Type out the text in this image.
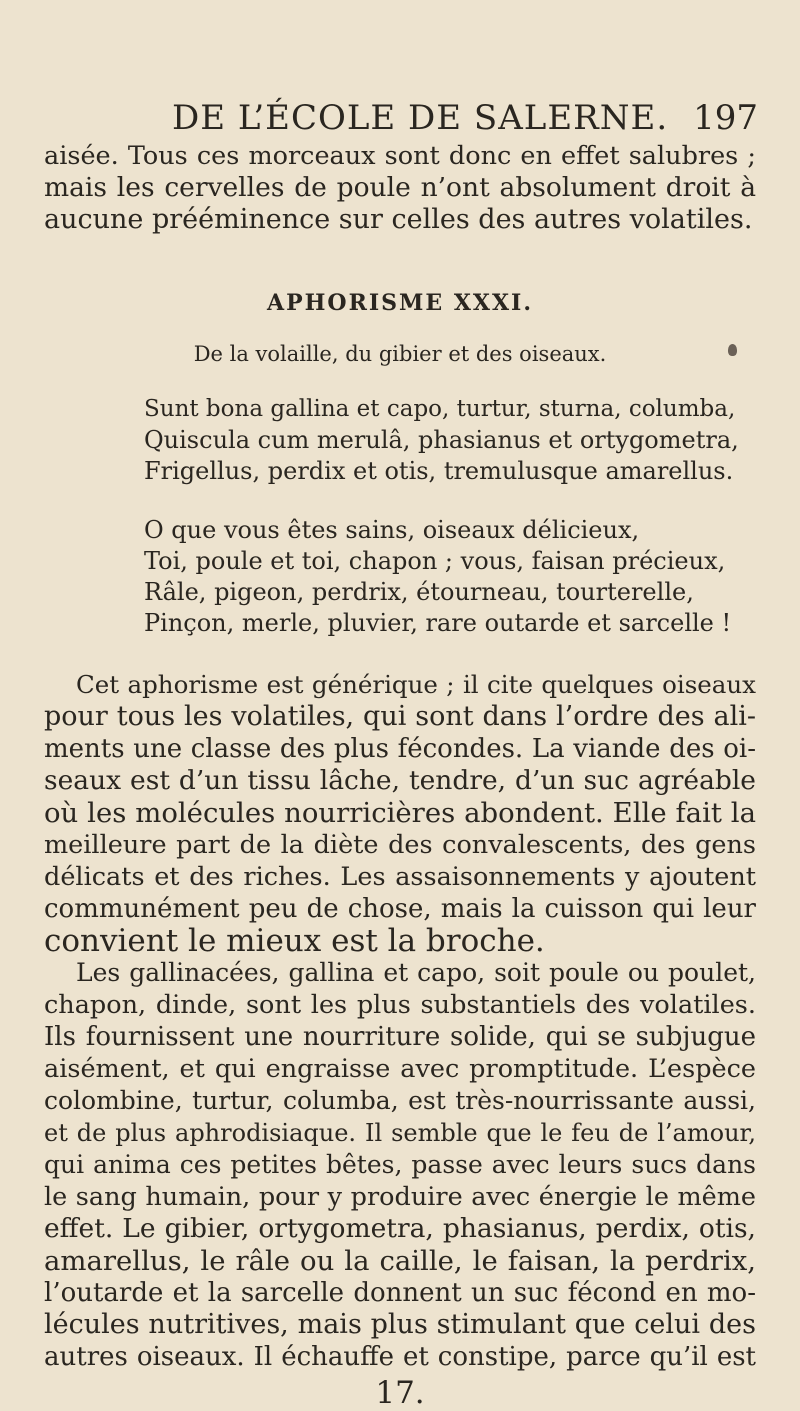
DE L’ÉCOLE DE SALERNE. 197
aisée. Tous ces morceaux sont donc en effet salubres ;
mais les cervelles de poule n’ont absolument droit à
aucune prééminence sur celles des autres volatiles.
APHORISME XXXI.
De la volaille, du gibier et des oiseaux.
Sunt bona gallina et capo, turtur, sturna, columba,
Quiscula cum merulâ, phasianus et ortygometra,
Frigellus, perdix et otis, tremulusque amarellus.
O que vous êtes sains, oiseaux délicieux,
Toi, poule et toi, chapon ; vous, faisan précieux,
Râle, pigeon, perdrix, étourneau, tourterelle,
Pinçon, merle, pluvier, rare outarde et sarcelle !
Cet aphorisme est générique ; il cite quelques oiseaux
pour tous les volatiles, qui sont dans l’ordre des ali-
ments une classe des plus fécondes. La viande des oi-
seaux est d’un tissu lâche, tendre, d’un suc agréable
où les molécules nourricières abondent. Elle fait la
meilleure part de la diète des convalescents, des gens
délicats et des riches. Les assaisonnements y ajoutent
communément peu de chose, mais la cuisson qui leur
convient le mieux est la broche.
Les gallinacées, gallina et capo, soit poule ou poulet,
chapon, dinde, sont les plus substantiels des volatiles.
Ils fournissent une nourriture solide, qui se subjugue
aisément, et qui engraisse avec promptitude. L’espèce
colombine, turtur, columba, est très-nourrissante aussi,
et de plus aphrodisiaque. Il semble que le feu de l’amour,
qui anima ces petites bêtes, passe avec leurs sucs dans
le sang humain, pour y produire avec énergie le même
effet. Le gibier, ortygometra, phasianus, perdix, otis,
amarellus, le râle ou la caille, le faisan, la perdrix,
l’outarde et la sarcelle donnent un suc fécond en mo-
lécules nutritives, mais plus stimulant que celui des
autres oiseaux. Il échauffe et constipe, parce qu’il est
17.
